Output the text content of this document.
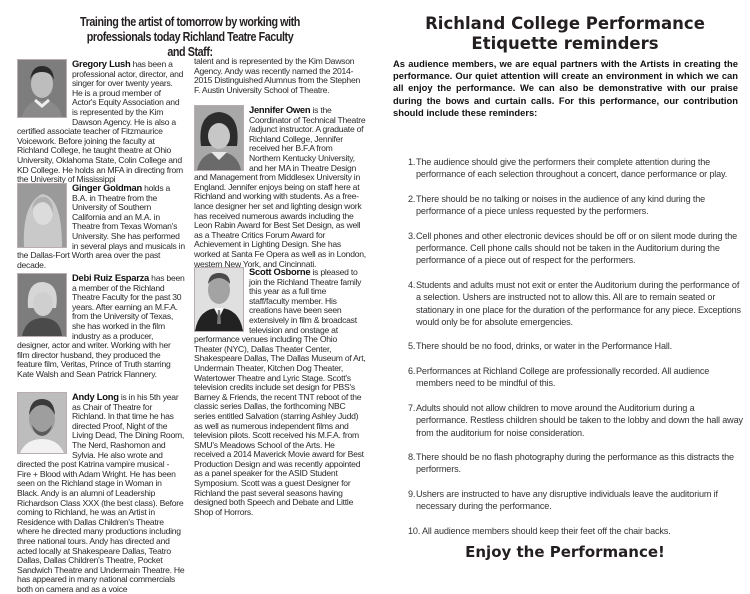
Training the artist of tomorrow by working with professionals today Richland Teatre Faculty and Staff:
Gregory Lush has been a professional actor, director, and singer for over twenty years. He is a proud member of Actor's Equity Association and is represented by the Kim Dawson Agency. He is also a certified associate teacher of Fitzmaurice Voicework. Before joining the faculty at Richland College, he taught theatre at Ohio University, Oklahoma State, Colin College and KD College. He holds an MFA in directing from the University of Mississippi
Ginger Goldman holds a B.A. in Theatre from the University of Southern California and an M.A. in Theatre from Texas Woman's University. She has performed in several plays and musicals in the Dallas-Fort Worth area over the past decade.
Debi Ruiz Esparza has been a member of the Richland Theatre Faculty for the past 30 years. After earning an M.F.A. from the University of Texas, she has worked in the film industry as a producer, designer, actor and writer. Working with her film director husband, they produced the feature film, Veritas, Prince of Truth starring Kate Walsh and Sean Patrick Flannery.
Andy Long is in his 5th year as Chair of Theatre for Richland. In that time he has directed Proof, Night of the Living Dead, The Dining Room, The Nerd, Rashomon and Sylvia. He also wrote and directed the post Katrina vampire musical - Fire + Blood with Adam Wright. He has been seen on the Richland stage in Woman in Black. Andy is an alumni of Leadership Richardson Class XXX (the best class). Before coming to Richland, he was an Artist in Residence with Dallas Children's Theatre where he directed many productions including three national tours. Andy has directed and acted locally at Shakespeare Dallas, Teatro Dallas, Dallas Children's Theatre, Pocket Sandwich Theatre and Undermain Theatre. He has appeared in many national commercials both on camera and as a voice
talent and is represented by the Kim Dawson Agency. Andy was recently named the 2014-2015 Distinguished Alumnus from the Stephen F. Austin University School of Theatre.
Jennifer Owen is the Coordinator of Technical Theatre /adjunct instructor. A graduate of Richland College, Jennifer received her B.F.A from Northern Kentucky University, and her MA in Theatre Design and Management from Middlesex University in England. Jennifer enjoys being on staff here at Richland and working with students. As a free-lance designer her set and lighting design work has received numerous awards including the Leon Rabin Award for Best Set Design, as well as a Theatre Critics Forum Award for Achievement in Lighting Design. She has worked at Santa Fe Opera as well as in London, western New York, and Cincinnati.
Scott Osborne is pleased to join the Richland Theatre family this year as a full time staff/faculty member. His creations have been seen extensively in film & broadcast television and onstage at performance venues including The Ohio Theater (NYC), Dallas Theater Center, Shakespeare Dallas, The Dallas Museum of Art, Undermain Theater, Kitchen Dog Theater, Watertower Theatre and Lyric Stage. Scott's television credits include set design for PBS's Barney & Friends, the recent TNT reboot of the classic series Dallas, the forthcoming NBC series entitled Salvation (starring Ashley Judd) as well as numerous independent films and television pilots. Scott received his M.F.A. from SMU's Meadows School of the Arts. He received a 2014 Maverick Movie award for Best Production Design and was recently appointed as a panel speaker for the ASID Student Symposium. Scott was a guest Designer for Richland the past several seasons having designed both Speech and Debate and Little Shop of Horrors.
Richland College Performance
Etiquette reminders
As audience members, we are equal partners with the Artists in creating the performance. Our quiet attention will create an environment in which we can all enjoy the performance. We can also be demonstrative with our praise during the bows and curtain calls. For this performance, our contribution should include these reminders:
1. The audience should give the performers their complete attention during the performance of each selection throughout a concert, dance performance or play.
2. There should be no talking or noises in the audience of any kind during the performance of a piece unless requested by the performers.
3. Cell phones and other electronic devices should be off or on silent mode during the performance. Cell phone calls should not be taken in the Auditorium during the performance of a piece out of respect for the performers.
4. Students and adults must not exit or enter the Auditorium during the performance of a selection. Ushers are instructed not to allow this. All are to remain seated or stationary in one place for the duration of the performance for any piece. Exceptions would only be for absolute emergencies.
5. There should be no food, drinks, or water in the Performance Hall.
6. Performances at Richland College are professionally recorded. All audience members need to be mindful of this.
7. Adults should not allow children to move around the Auditorium during a performance. Restless children should be taken to the lobby and down the hall away from the auditorium for noise consideration.
8. There should be no flash photography during the performance as this distracts the performers.
9. Ushers are instructed to have any disruptive individuals leave the auditorium if necessary during the performance.
10. All audience members should keep their feet off the chair backs.
Enjoy the Performance!
